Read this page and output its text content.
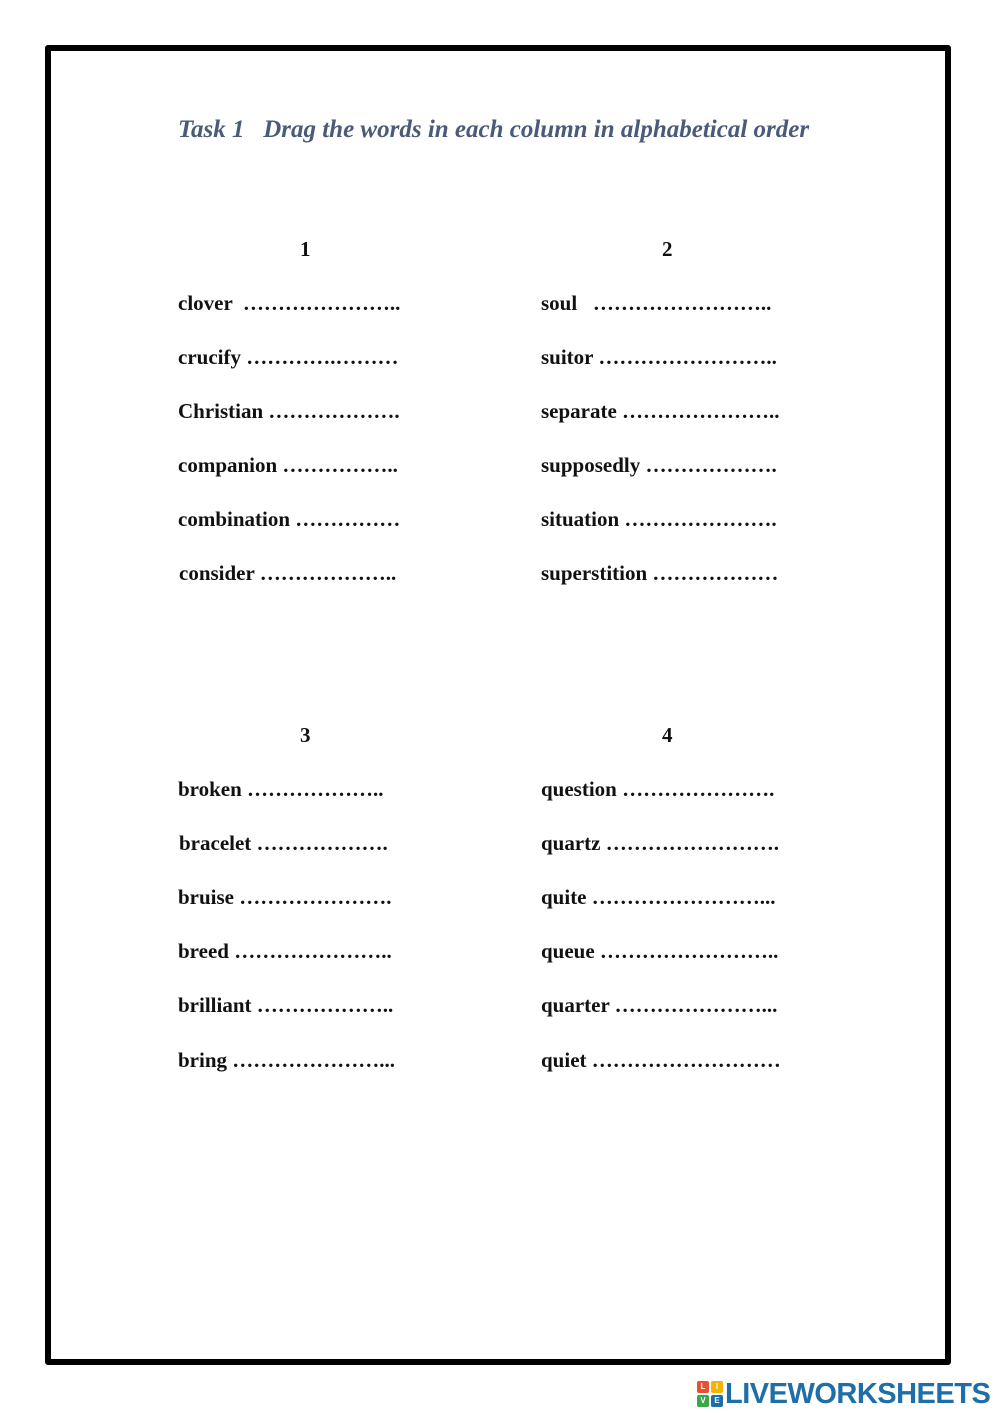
Task 1   Drag the words in each column in alphabetical order
1
clover  …………………..
crucify ………….………
Christian ……………….
companion ……………..
combination ……………
consider ………………..
2
soul   ……………………..
suitor ……………………..
separate …………………..
supposedly ……………….
situation ………………….
superstition ………………
3
broken ………………..
bracelet ……………….
bruise ………………….
breed …………………..
brilliant ………………..
bring …………………...
4
question ………………….
quartz …………………….
quite ……………………...
queue ……………………..
quarter …………………...
quiet ………………………
L	I
V	E LIVEWORKSHEETS
